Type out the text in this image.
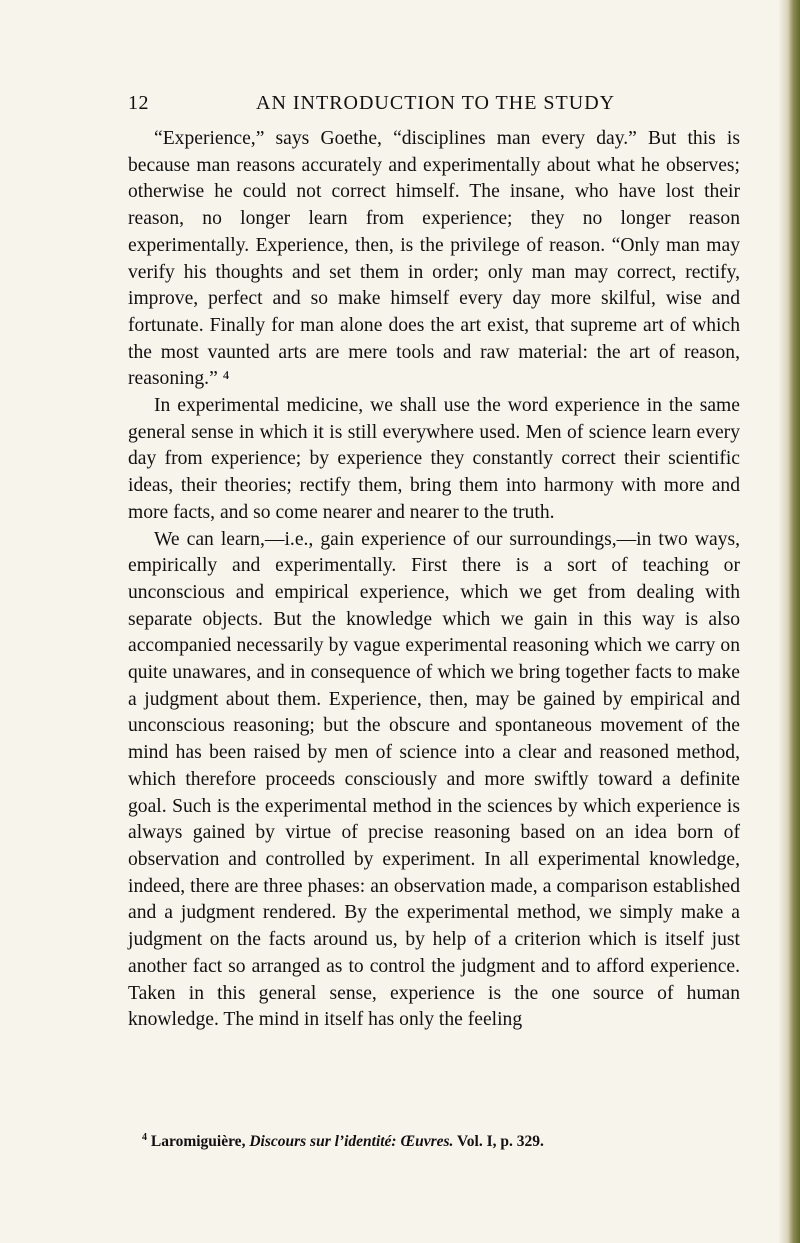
12	AN INTRODUCTION TO THE STUDY

“Experience,” says Goethe, “disciplines man every day.” But this is because man reasons accurately and experimentally about what he observes; otherwise he could not correct himself. The insane, who have lost their reason, no longer learn from experience; they no longer reason experimentally. Experience, then, is the privilege of reason. “Only man may verify his thoughts and set them in order; only man may correct, rectify, improve, perfect and so make himself every day more skilful, wise and fortunate. Finally for man alone does the art exist, that supreme art of which the most vaunted arts are mere tools and raw material: the art of reason, reasoning.” ⁴

In experimental medicine, we shall use the word experience in the same general sense in which it is still everywhere used. Men of science learn every day from experience; by experience they constantly correct their scientific ideas, their theories; rectify them, bring them into harmony with more and more facts, and so come nearer and nearer to the truth.

We can learn,—i.e., gain experience of our surroundings,—in two ways, empirically and experimentally. First there is a sort of teaching or unconscious and empirical experience, which we get from dealing with separate objects. But the knowledge which we gain in this way is also accompanied necessarily by vague experimental reasoning which we carry on quite unawares, and in consequence of which we bring together facts to make a judgment about them. Experience, then, may be gained by empirical and unconscious reasoning; but the obscure and spontaneous movement of the mind has been raised by men of science into a clear and reasoned method, which therefore proceeds consciously and more swiftly toward a definite goal. Such is the experimental method in the sciences by which experience is always gained by virtue of precise reasoning based on an idea born of observation and controlled by experiment. In all experimental knowledge, indeed, there are three phases: an observation made, a comparison established and a judgment rendered. By the experimental method, we simply make a judgment on the facts around us, by help of a criterion which is itself just another fact so arranged as to control the judgment and to afford experience. Taken in this general sense, experience is the one source of human knowledge. The mind in itself has only the feeling

$^4$ Laromiguière, Discours sur l’identité: Œuvres. Vol. I, p. 329.
